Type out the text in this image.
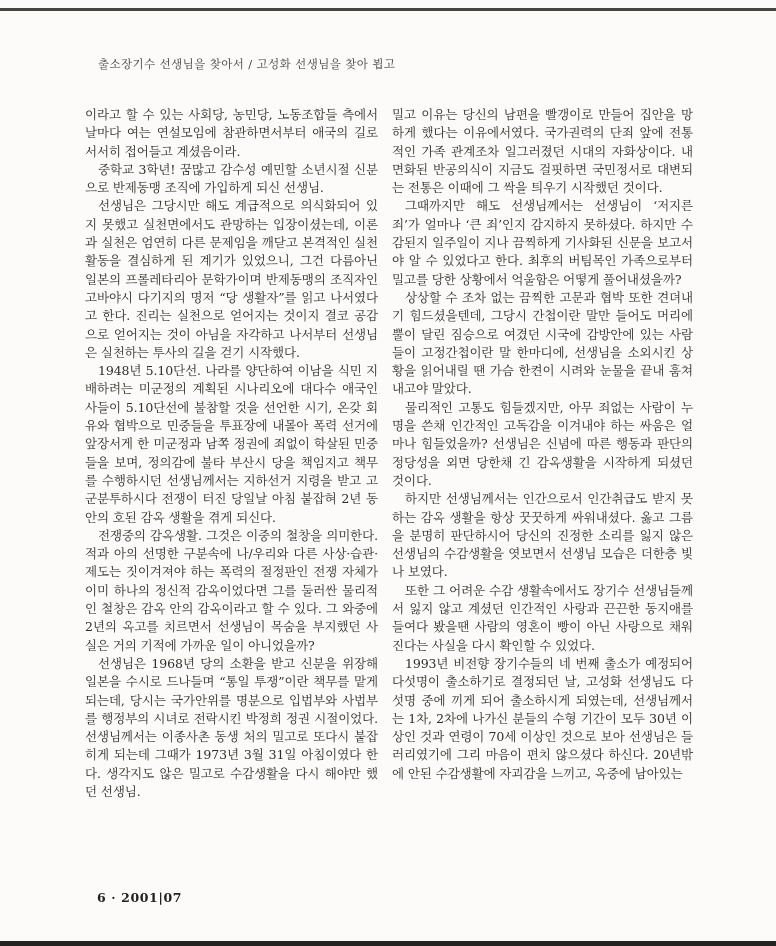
출소장기수 선생님을 찾아서 / 고성화 선생님을 찾아 뵙고

이라고 할 수 있는 사회당, 농민당, 노동조합들 측에서 날마다 여는 연설모임에 참관하면서부터 애국의 길로 서서히 접어들고 계셨음이라.

중학교 3학년! 꿈많고 감수성 예민할 소년시절 신분으로 반제동맹 조직에 가입하게 되신 선생님.

선생님은 그당시만 해도 계급적으로 의식화되어 있지 못했고 실천면에서도 관망하는 입장이셨는데, 이론과 실천은 엄연히 다른 문제임을 깨닫고 본격적인 실천활동을 결심하게 된 계기가 있었으니, 그건 다름아닌 일본의 프롤레타리아 문학가이며 반제동맹의 조직자인 고바야시 다기지의 명저 “당 생활자”를 읽고 나서였다고 한다. 진리는 실천으로 얻어지는 것이지 결코 공감으로 얻어지는 것이 아님을 자각하고 나서부터 선생님은 실천하는 투사의 길을 걷기 시작했다.

1948년 5.10단선. 나라를 양단하여 이남을 식민 지배하려는 미군정의 계획된 시나리오에 대다수 애국인사들이 5.10단선에 불참할 것을 선언한 시기, 온갖 회유와 협박으로 민중들을 투표장에 내몰아 폭력 선거에 앞장서게 한 미군정과 남쪽 정권에 죄없이 학살된 민중들을 보며, 정의감에 불타 부산시 당을 책임지고 책무를 수행하시던 선생님께서는 지하선거 지령을 받고 고군분투하시다 전쟁이 터진 당일날 아침 붙잡혀 2년 동안의 호된 감옥 생활을 겪게 되신다.

전쟁중의 감옥생활. 그것은 이중의 철창을 의미한다. 적과 아의 선명한 구분속에 나/우리와 다른 사상·습관·제도는 짓이겨져야 하는 폭력의 절정판인 전쟁 자체가 이미 하나의 정신적 감옥이었다면 그를 둘러싼 물리적인 철창은 감옥 안의 감옥이라고 할 수 있다. 그 와중에 2년의 옥고를 치르면서 선생님이 목숨을 부지했던 사실은 거의 기적에 가까운 일이 아니었을까?

선생님은 1968년 당의 소환을 받고 신분을 위장해 일본을 수시로 드나들며 “통일 투쟁”이란 책무를 맡게 되는데, 당시는 국가안위를 명분으로 입법부와 사법부를 행정부의 시녀로 전락시킨 박정희 정권 시절이었다. 선생님께서는 이종사촌 동생 처의 밀고로 또다시 붙잡히게 되는데 그때가 1973년 3월 31일 아침이였다 한다. 생각지도 않은 밀고로 수감생활을 다시 해야만 했던 선생님.

밀고 이유는 당신의 남편을 빨갱이로 만들어 집안을 망하게 했다는 이유에서였다. 국가권력의 단죄 앞에 전통적인 가족 관계조차 일그러졌던 시대의 자화상이다. 내면화된 반공의식이 지금도 걸핏하면 국민정서로 대변되는 전통은 이때에 그 싹을 틔우기 시작했던 것이다.

그때까지만 해도 선생님께서는 선생님이 ‘저지른 죄’가 얼마나 ‘큰 죄’인지 감지하지 못하셨다. 하지만 수감된지 일주일이 지나 끔찍하게 기사화된 신문을 보고서야 알 수 있었다고 한다. 최후의 버팀목인 가족으로부터 밀고를 당한 상황에서 억울함은 어떻게 풀어내셨을까?

상상할 수 조차 없는 끔찍한 고문과 협박 또한 견뎌내기 힘드셨을텐데, 그당시 간첩이란 말만 들어도 머리에 뿔이 달린 짐승으로 여겼던 시국에 감방안에 있는 사람들이 고정간첩이란 말 한마디에, 선생님을 소외시킨 상황을 읽어내릴 땐 가슴 한켠이 시려와 눈물을 끝내 훔쳐내고야 말았다.

물리적인 고통도 힘들겠지만, 아무 죄없는 사람이 누명을 쓴채 인간적인 고독감을 이겨내야 하는 싸움은 얼마나 힘들었을까? 선생님은 신념에 따른 행동과 판단의 정당성을 외면 당한채 긴 감옥생활을 시작하게 되셨던 것이다.

하지만 선생님께서는 인간으로서 인간취급도 받지 못하는 감옥 생활을 항상 꿋꿋하게 싸워내셨다. 옳고 그름을 분명히 판단하시어 당신의 진정한 소리를 잃지 않은 선생님의 수감생활을 엿보면서 선생님 모습은 더한층 빛나 보였다.

또한 그 어려운 수감 생활속에서도 장기수 선생님들께서 잃지 않고 계셨던 인간적인 사랑과 끈끈한 동지애를 들여다 봤을땐 사람의 영혼이 빵이 아닌 사랑으로 채워진다는 사실을 다시 확인할 수 있었다.

1993년 비전향 장기수들의 네 번째 출소가 예정되어 다섯명이 출소하기로 결정되던 날, 고성화 선생님도 다섯명 중에 끼게 되어 출소하시게 되였는데, 선생님께서는 1차, 2차에 나가신 분들의 수형 기간이 모두 30년 이상인 것과 연령이 70세 이상인 것으로 보아 선생님은 들러리였기에 그리 마음이 편치 않으셨다 하신다. 20년밖에 안된 수감생활에 자괴감을 느끼고, 옥중에 남아있는

6 · 2001|07
